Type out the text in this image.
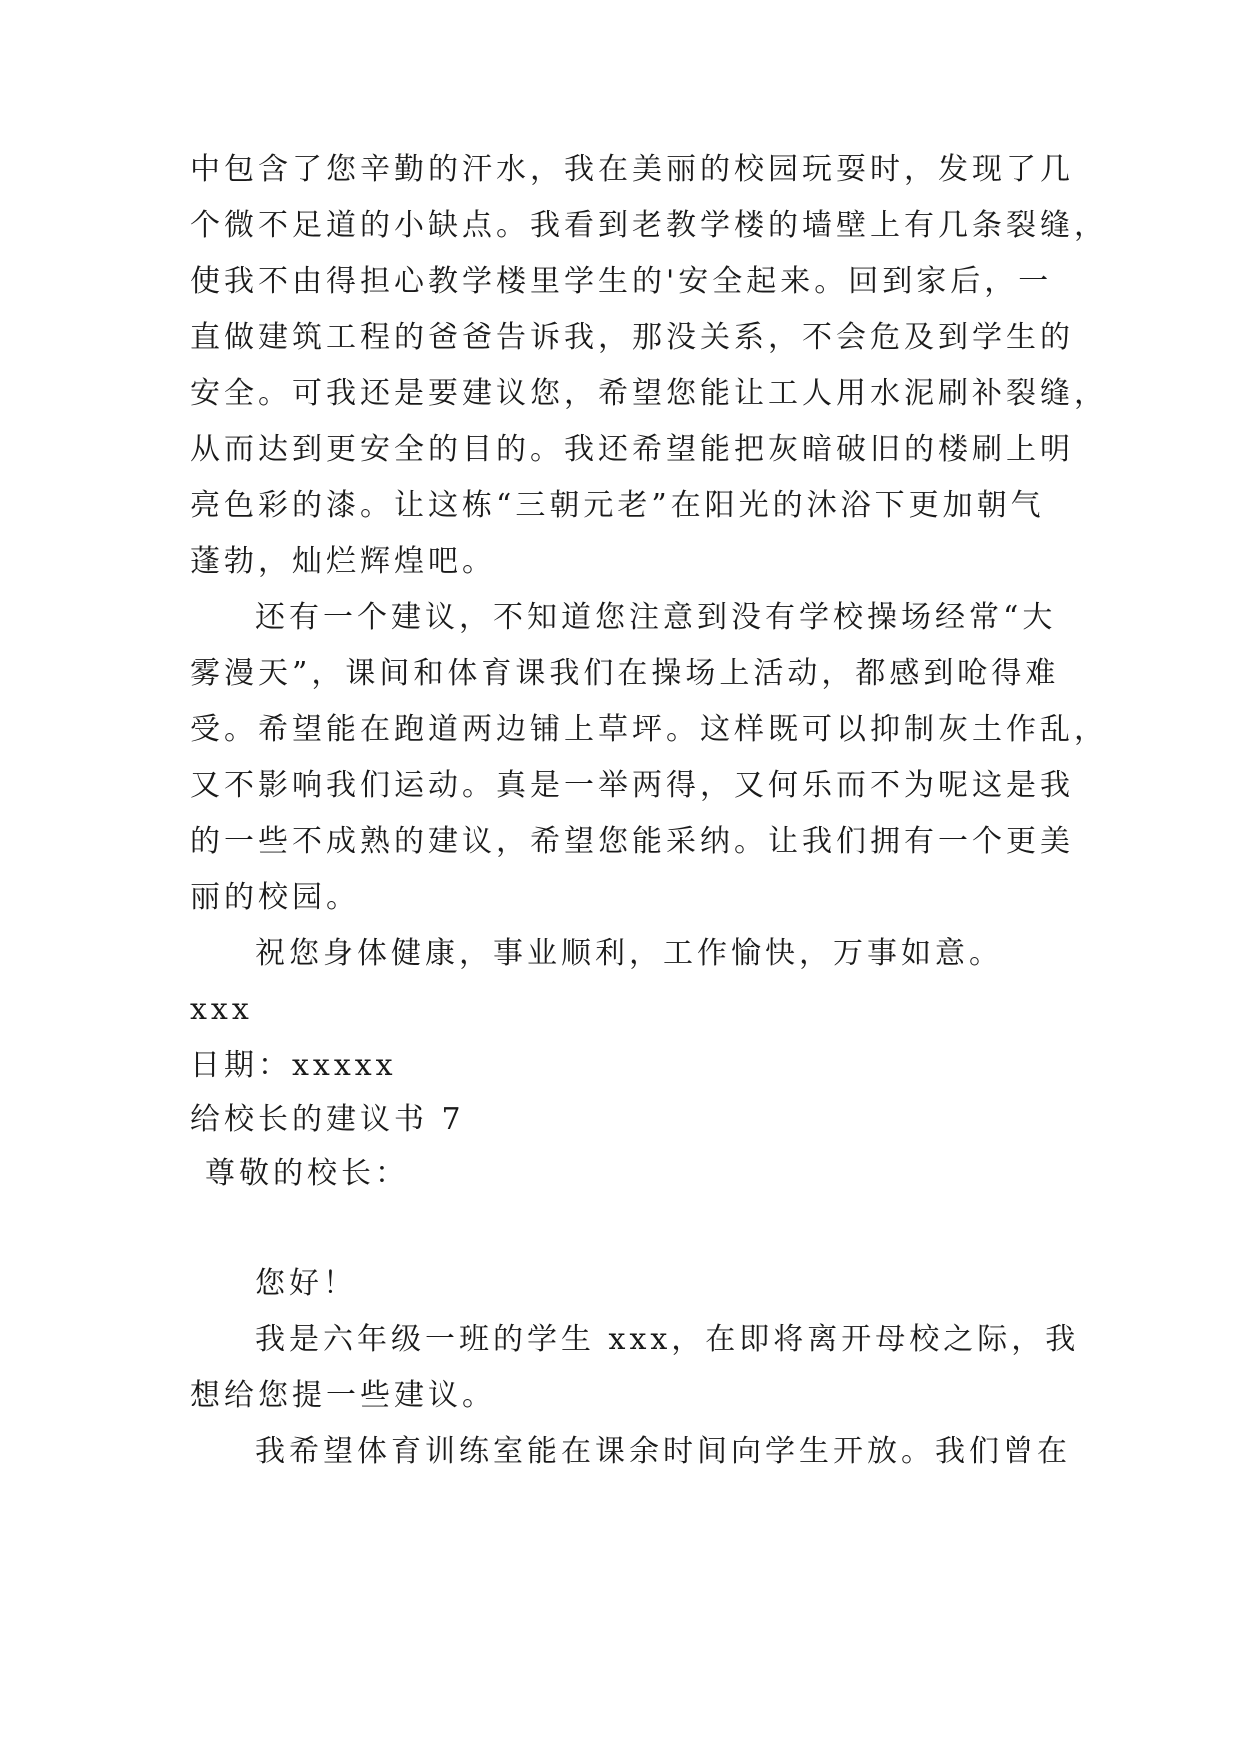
中包含了您辛勤的汗水，我在美丽的校园玩耍时，发现了几
个微不足道的小缺点。我看到老教学楼的墙壁上有几条裂缝，
使我不由得担心教学楼里学生的'安全起来。回到家后，一
直做建筑工程的爸爸告诉我，那没关系，不会危及到学生的
安全。可我还是要建议您，希望您能让工人用水泥刷补裂缝，
从而达到更安全的目的。我还希望能把灰暗破旧的楼刷上明
亮色彩的漆。让这栋“三朝元老”在阳光的沐浴下更加朝气
蓬勃，灿烂辉煌吧。
还有一个建议，不知道您注意到没有学校操场经常“大
雾漫天”，课间和体育课我们在操场上活动，都感到呛得难
受。希望能在跑道两边铺上草坪。这样既可以抑制灰土作乱，
又不影响我们运动。真是一举两得，又何乐而不为呢这是我
的一些不成熟的建议，希望您能采纳。让我们拥有一个更美
丽的校园。
祝您身体健康，事业顺利，工作愉快，万事如意。
xxx
日期：xxxxx
给校长的建议书 7
尊敬的校长：
您好！
我是六年级一班的学生 xxx，在即将离开母校之际，我
想给您提一些建议。
我希望体育训练室能在课余时间向学生开放。我们曾在
